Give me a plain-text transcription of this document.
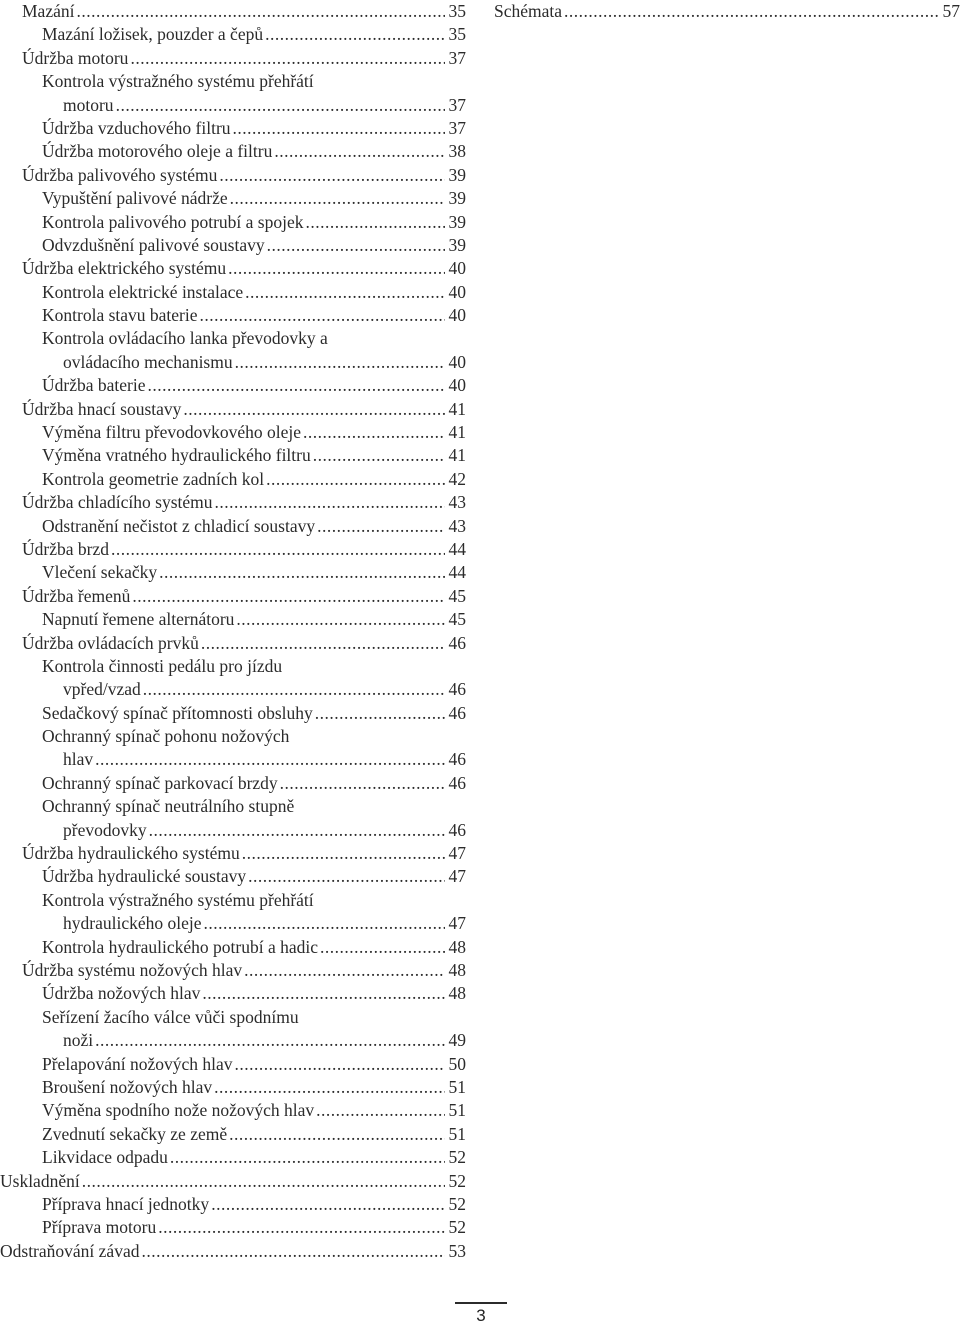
Mazání .....	35
Mazání ložisek, pouzder a čepů .....	35
Údržba motoru .....	37
Kontrola výstražného systému přehřátí
motoru .....	37
Údržba vzduchového filtru .....	37
Údržba motorového oleje a filtru .....	38
Údržba palivového systému .....	39
Vypuštění palivové nádrže .....	39
Kontrola palivového potrubí a spojek .....	39
Odvzdušnění palivové soustavy .....	39
Údržba elektrického systému .....	40
Kontrola elektrické instalace .....	40
Kontrola stavu baterie .....	40
Kontrola ovládacího lanka převodovky a
ovládacího mechanismu .....	40
Údržba baterie .....	40
Údržba hnací soustavy .....	41
Výměna filtru převodovkového oleje .....	41
Výměna vratného hydraulického filtru .....	41
Kontrola geometrie zadních kol .....	42
Údržba chladícího systému .....	43
Odstranění nečistot z chladicí soustavy .....	43
Údržba brzd .....	44
Vlečení sekačky .....	44
Údržba řemenů .....	45
Napnutí řemene alternátoru .....	45
Údržba ovládacích prvků .....	46
Kontrola činnosti pedálu pro jízdu
vpřed/vzad .....	46
Sedačkový spínač přítomnosti obsluhy .....	46
Ochranný spínač pohonu nožových
hlav .....	46
Ochranný spínač parkovací brzdy .....	46
Ochranný spínač neutrálního stupně
převodovky .....	46
Údržba hydraulického systému .....	47
Údržba hydraulické soustavy .....	47
Kontrola výstražného systému přehřátí
hydraulického oleje .....	47
Kontrola hydraulického potrubí a hadic .....	48
Údržba systému nožových hlav .....	48
Údržba nožových hlav .....	48
Seřízení žacího válce vůči spodnímu
noži .....	49
Přelapování nožových hlav .....	50
Broušení nožových hlav .....	51
Výměna spodního nože nožových hlav .....	51
Zvednutí sekačky ze země .....	51
Likvidace odpadu .....	52
Uskladnění .....	52
Příprava hnací jednotky .....	52
Příprava motoru .....	52
Odstraňování závad .....	53
Schémata .....	57
3
